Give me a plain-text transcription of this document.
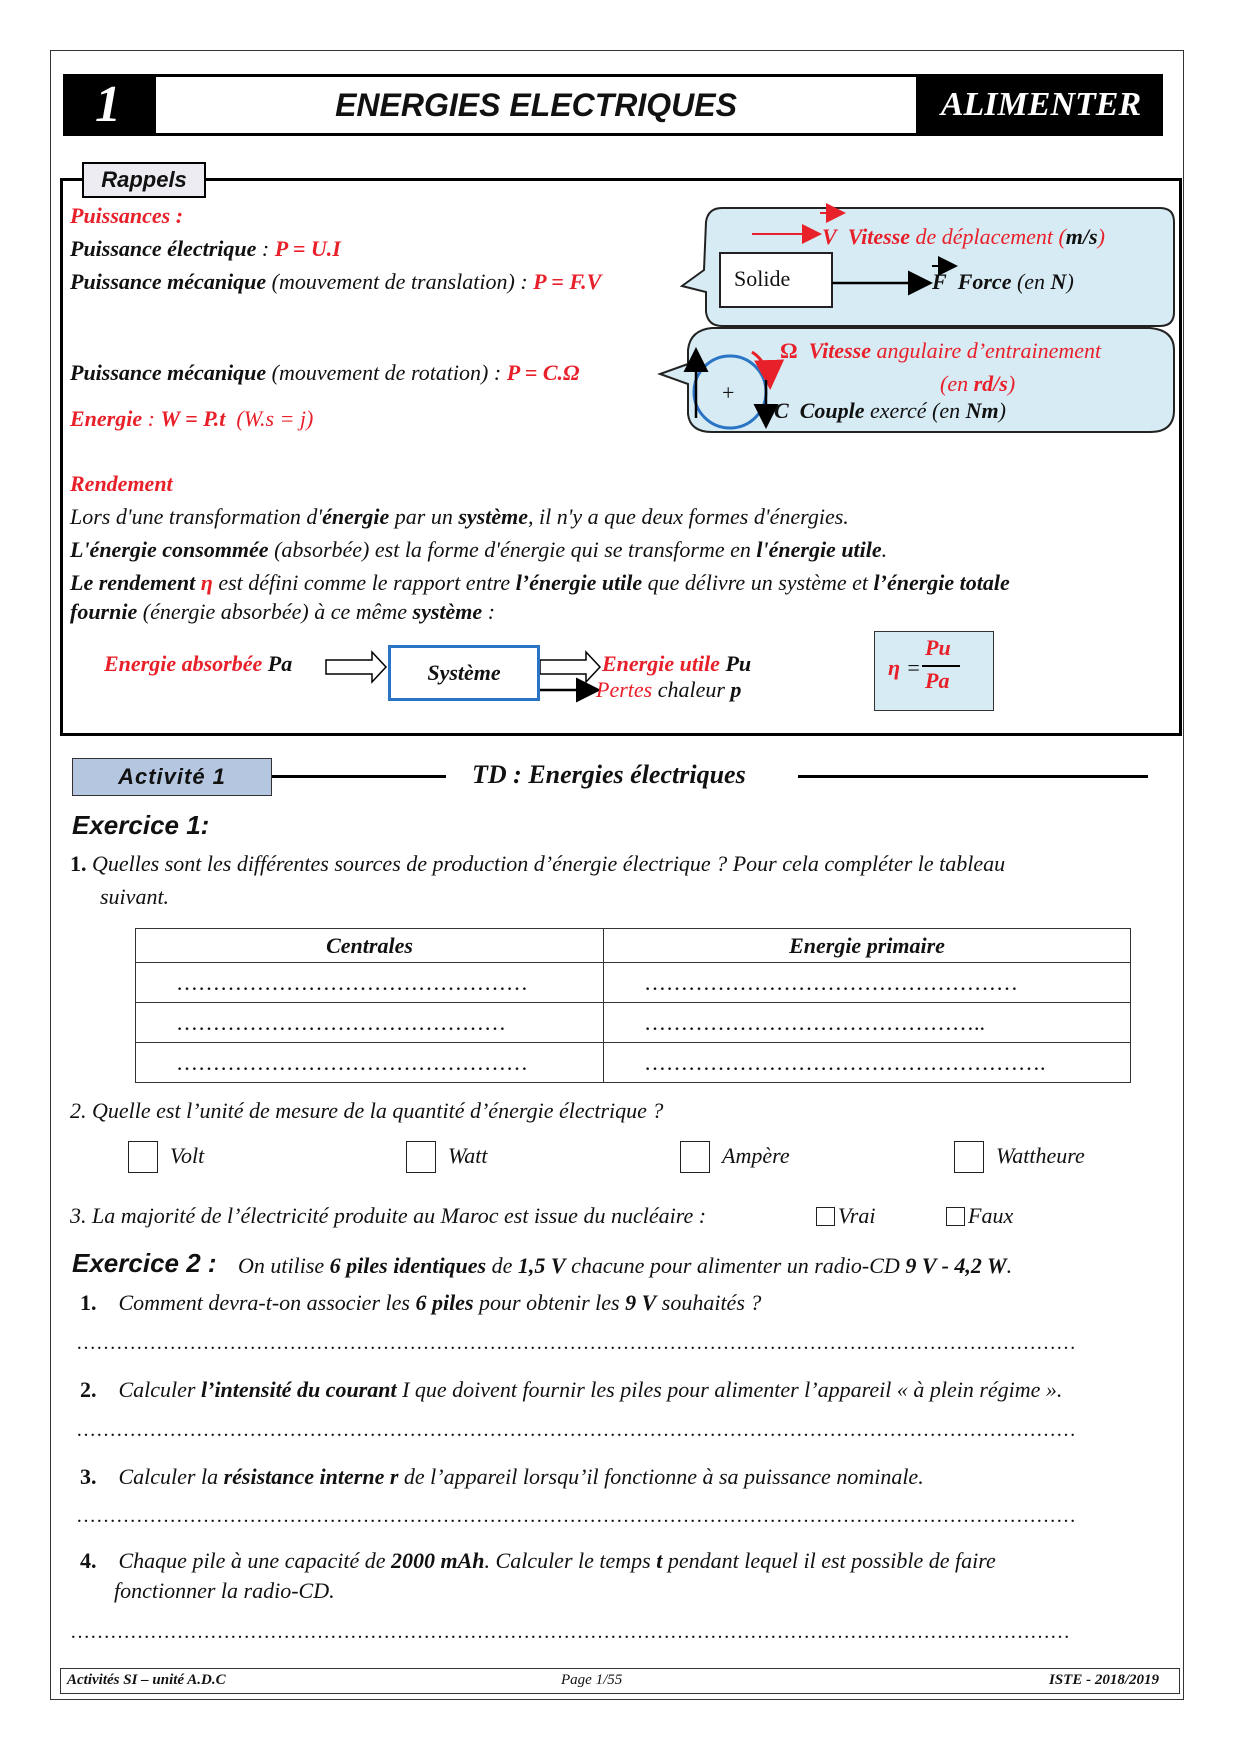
1	ENERGIES ELECTRIQUES	ALIMENTER
Rappels
Puissances :
Puissance électrique : P = U.I
Puissance mécanique (mouvement de translation) : P = F.V
Puissance mécanique (mouvement de rotation) : P = C.Ω
Energie : W = P.t (W.s = j)
Solide
V Vitesse de déplacement (m/s)
F Force (en N)
Ω Vitesse angulaire d’entrainement
(en rd/s)
+
C Couple exercé (en Nm)
Rendement
Lors d'une transformation d'énergie par un système, il n'y a que deux formes d'énergies.
L'énergie consommée (absorbée) est la forme d'énergie qui se transforme en l'énergie utile.
Le rendement η est défini comme le rapport entre l’énergie utile que délivre un système et l’énergie totale
fournie (énergie absorbée) à ce même système :
Energie absorbée Pa	Système	Energie utile Pu
Pertes chaleur p
η =
Pu
Pa
Activité 1	TD : Energies électriques
Exercice 1:
1. Quelles sont les différentes sources de production d’énergie électrique ? Pour cela compléter le tableau
suivant.
Centrales	Energie primaire
…………………………………………	……………………………………………
………………………………………	………………………………………..
…………………………………………	……………………………………………….
2. Quelle est l’unité de mesure de la quantité d’énergie électrique ?
Volt	Watt	Ampère	Wattheure
3. La majorité de l’électricité produite au Maroc est issue du nucléaire :	Vrai	Faux
Exercice 2 : On utilise 6 piles identiques de 1,5 V chacune pour alimenter un radio-CD 9 V - 4,2 W.
1. Comment devra-t-on associer les 6 piles pour obtenir les 9 V souhaités ?
……………………………………………………………………………………………………………………………………
2. Calculer l’intensité du courant I que doivent fournir les piles pour alimenter l’appareil « à plein régime ».
……………………………………………………………………………………………………………………………………
3. Calculer la résistance interne r de l’appareil lorsqu’il fonctionne à sa puissance nominale.
……………………………………………………………………………………………………………………………………
4. Chaque pile à une capacité de 2000 mAh. Calculer le temps t pendant lequel il est possible de faire
fonctionner la radio-CD.
……………………………………………………………………………………………………………………………………
Activités SI – unité A.D.C	Page 1/55	ISTE - 2018/2019
